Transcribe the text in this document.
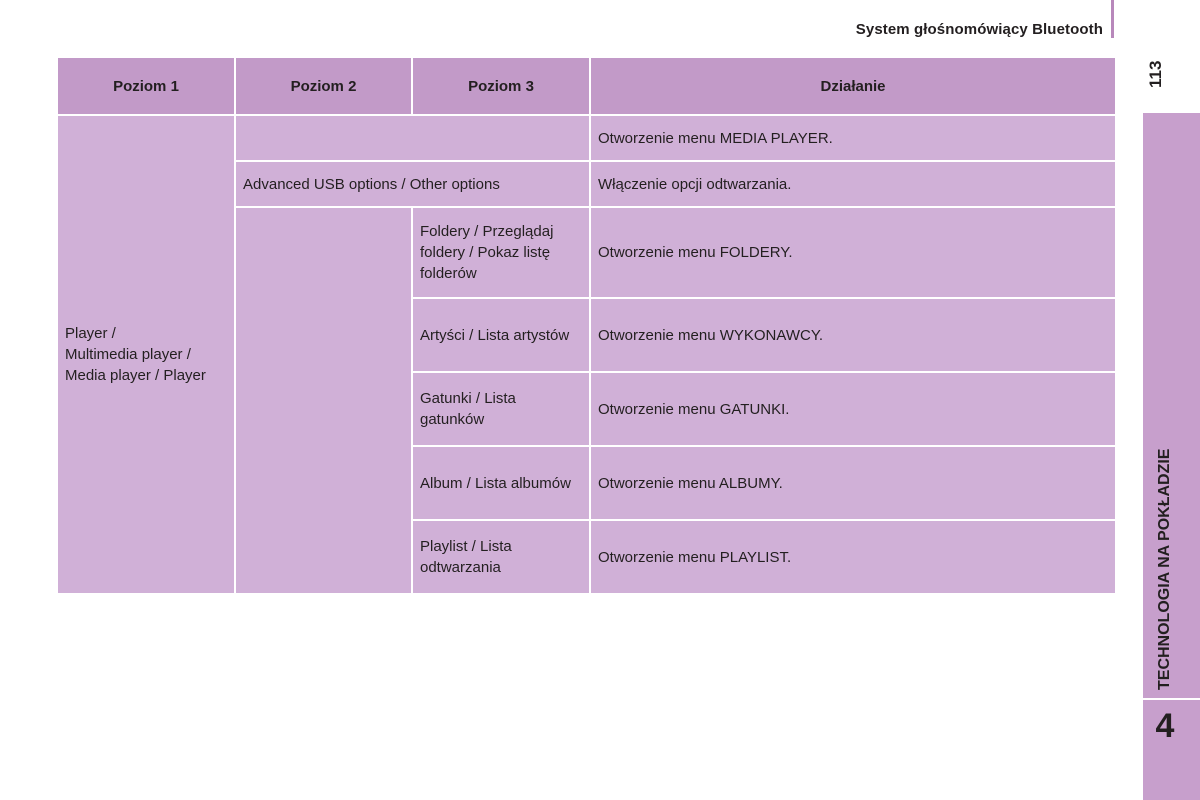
System głośnomówiący Bluetooth
113
TECHNOLOGIA NA POKŁADZIE
4
Poziom 1	Poziom 2	Poziom 3	Działanie
Player /
Multimedia player /
Media player / Player			Otworzenie menu MEDIA PLAYER.
	Advanced USB options / Other options		Włączenie opcji odtwarzania.
		Foldery / Przeglądaj foldery / Pokaz listę folderów	Otworzenie menu FOLDERY.
		Artyści / Lista artystów	Otworzenie menu WYKONAWCY.
		Gatunki / Lista gatunków	Otworzenie menu GATUNKI.
		Album / Lista albumów	Otworzenie menu ALBUMY.
		Playlist / Lista odtwarzania	Otworzenie menu PLAYLIST.
